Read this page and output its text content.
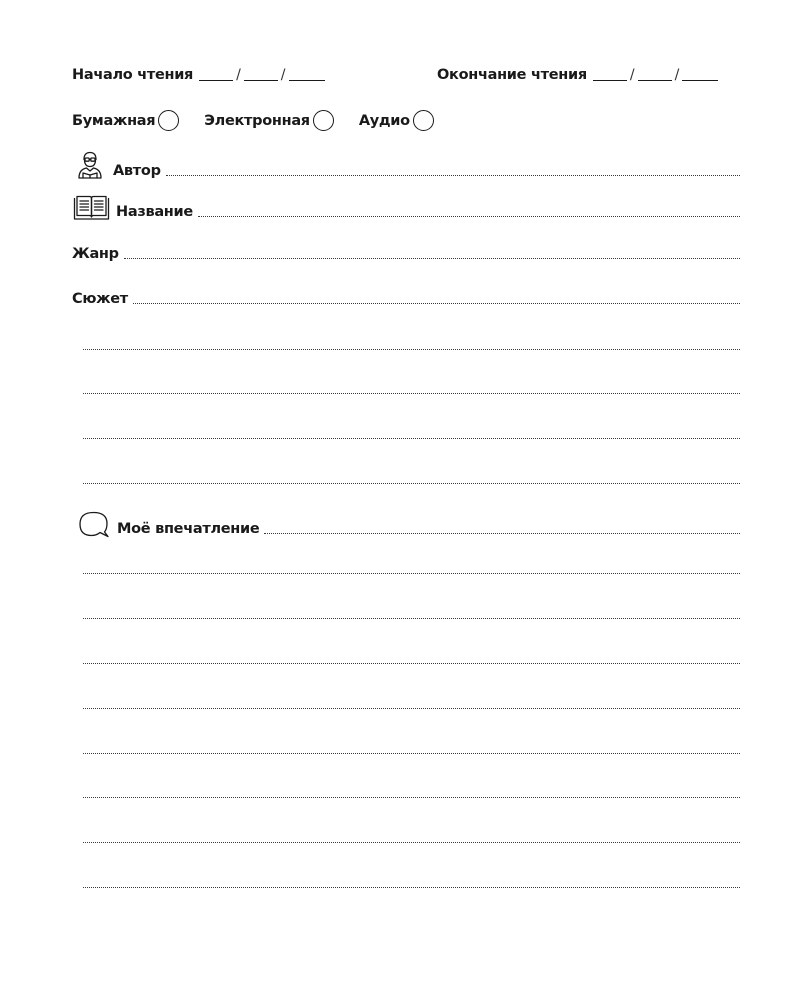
Начало чтения	/	/	Окончание чтения	/	/
Бумажная	Электронная	Аудио
Автор
Название
Жанр
Сюжет
Моё впечатление
